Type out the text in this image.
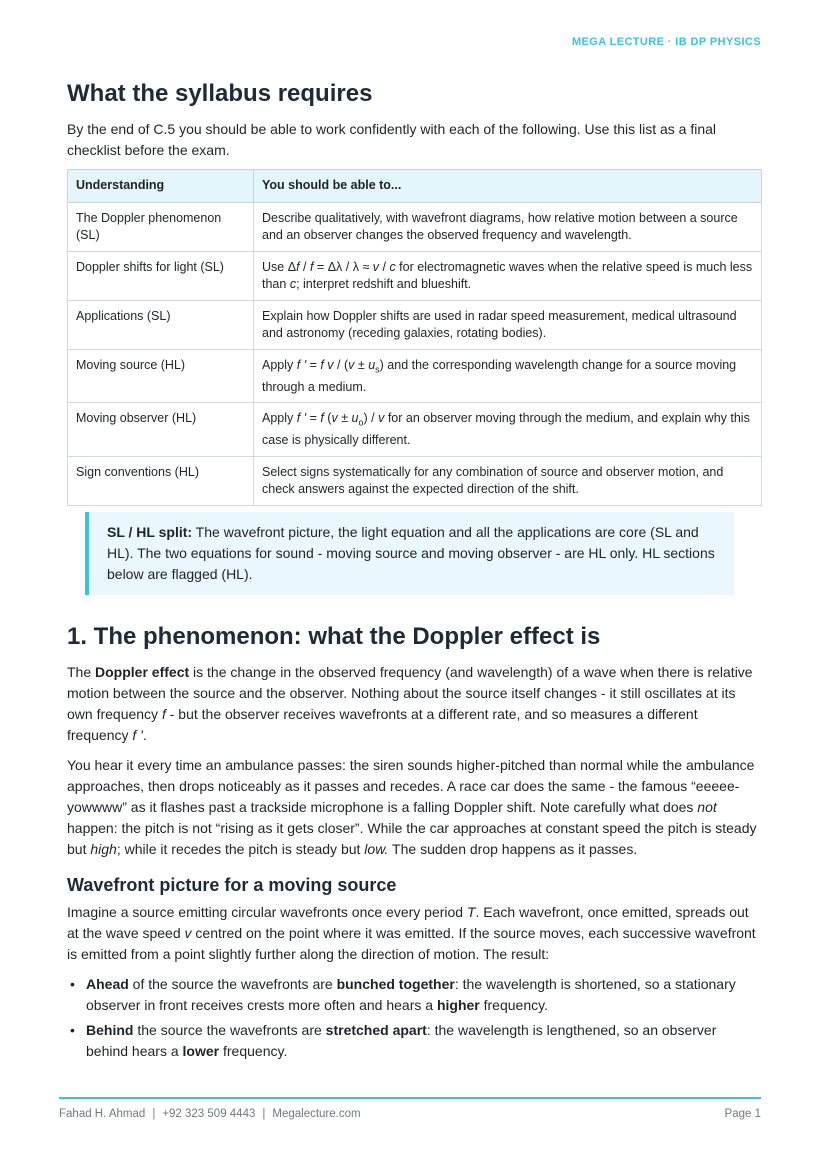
MEGA LECTURE · IB DP PHYSICS
What the syllabus requires

By the end of C.5 you should be able to work confidently with each of the following. Use this list as a final checklist before the exam.

Understanding	You should be able to...
The Doppler phenomenon (SL)	Describe qualitatively, with wavefront diagrams, how relative motion between a source and an observer changes the observed frequency and wavelength.
Doppler shifts for light (SL)	Use Δf / f = Δλ / λ ≈ v / c for electromagnetic waves when the relative speed is much less than c; interpret redshift and blueshift.
Applications (SL)	Explain how Doppler shifts are used in radar speed measurement, medical ultrasound and astronomy (receding galaxies, rotating bodies).
Moving source (HL)	Apply f ' = f $v / (v \pm u_s)$ and the corresponding wavelength change for a source moving through a medium.
Moving observer (HL)	Apply f ' = f $(v \pm u_o) / v$ for an observer moving through the medium, and explain why this case is physically different.
Sign conventions (HL)	Select signs systematically for any combination of source and observer motion, and check answers against the expected direction of the shift.
SL / HL split: The wavefront picture, the light equation and all the applications are core (SL and HL). The two equations for sound - moving source and moving observer - are HL only. HL sections below are flagged (HL).
1. The phenomenon: what the Doppler effect is

The Doppler effect is the change in the observed frequency (and wavelength) of a wave when there is relative motion between the source and the observer. Nothing about the source itself changes - it still oscillates at its own frequency f - but the observer receives wavefronts at a different rate, and so measures a different frequency f '.

You hear it every time an ambulance passes: the siren sounds higher-pitched than normal while the ambulance approaches, then drops noticeably as it passes and recedes. A race car does the same - the famous “eeeee-yowwww” as it flashes past a trackside microphone is a falling Doppler shift. Note carefully what does not happen: the pitch is not “rising as it gets closer”. While the car approaches at constant speed the pitch is steady but high; while it recedes the pitch is steady but low. The sudden drop happens as it passes.

Wavefront picture for a moving source

Imagine a source emitting circular wavefronts once every period T. Each wavefront, once emitted, spreads out at the wave speed v centred on the point where it was emitted. If the source moves, each successive wavefront is emitted from a point slightly further along the direction of motion. The result:

• Ahead of the source the wavefronts are bunched together: the wavelength is shortened, so a stationary observer in front receives crests more often and hears a higher frequency.
• Behind the source the wavefronts are stretched apart: the wavelength is lengthened, so an observer behind hears a lower frequency.
Fahad H. Ahmad | +92 323 509 4443 | Megalecture.com	Page 1
